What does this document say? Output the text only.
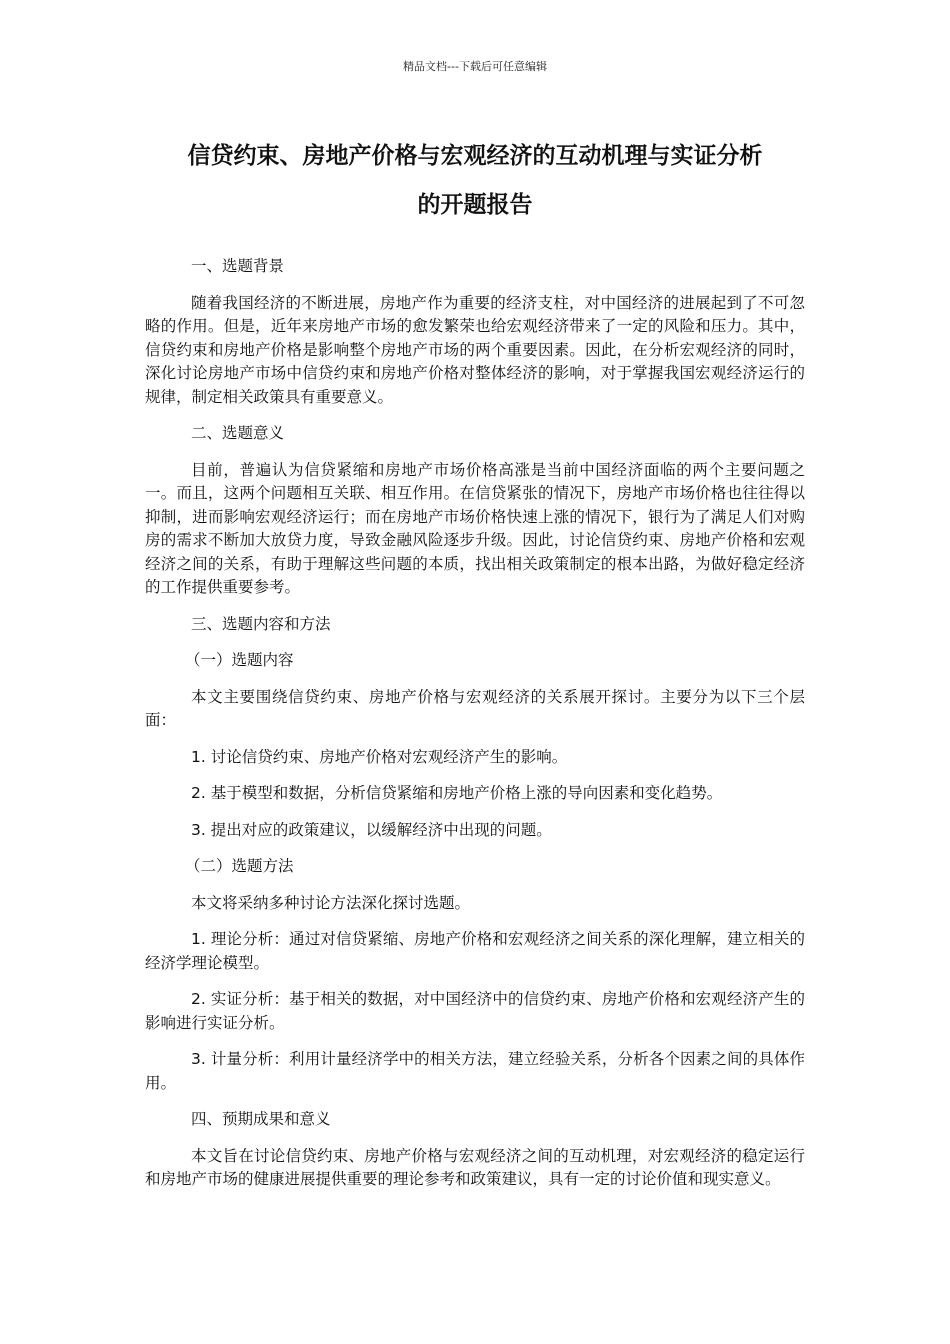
精品文档---下载后可任意编辑
信贷约束、房地产价格与宏观经济的互动机理与实证分析
的开题报告

一、选题背景

随着我国经济的不断进展，房地产作为重要的经济支柱，对中国经济的进展起到了不可忽略的作用。但是，近年来房地产市场的愈发繁荣也给宏观经济带来了一定的风险和压力。其中，信贷约束和房地产价格是影响整个房地产市场的两个重要因素。因此，在分析宏观经济的同时，深化讨论房地产市场中信贷约束和房地产价格对整体经济的影响，对于掌握我国宏观经济运行的规律，制定相关政策具有重要意义。

二、选题意义

目前，普遍认为信贷紧缩和房地产市场价格高涨是当前中国经济面临的两个主要问题之一。而且，这两个问题相互关联、相互作用。在信贷紧张的情况下，房地产市场价格也往往得以抑制，进而影响宏观经济运行；而在房地产市场价格快速上涨的情况下，银行为了满足人们对购房的需求不断加大放贷力度，导致金融风险逐步升级。因此，讨论信贷约束、房地产价格和宏观经济之间的关系，有助于理解这些问题的本质，找出相关政策制定的根本出路，为做好稳定经济的工作提供重要参考。

三、选题内容和方法

（一）选题内容

本文主要围绕信贷约束、房地产价格与宏观经济的关系展开探讨。主要分为以下三个层面：

1. 讨论信贷约束、房地产价格对宏观经济产生的影响。

2. 基于模型和数据，分析信贷紧缩和房地产价格上涨的导向因素和变化趋势。

3. 提出对应的政策建议，以缓解经济中出现的问题。

（二）选题方法

本文将采纳多种讨论方法深化探讨选题。

1. 理论分析：通过对信贷紧缩、房地产价格和宏观经济之间关系的深化理解，建立相关的经济学理论模型。

2. 实证分析：基于相关的数据，对中国经济中的信贷约束、房地产价格和宏观经济产生的影响进行实证分析。

3. 计量分析：利用计量经济学中的相关方法，建立经验关系，分析各个因素之间的具体作用。

四、预期成果和意义

本文旨在讨论信贷约束、房地产价格与宏观经济之间的互动机理，对宏观经济的稳定运行和房地产市场的健康进展提供重要的理论参考和政策建议，具有一定的讨论价值和现实意义。
